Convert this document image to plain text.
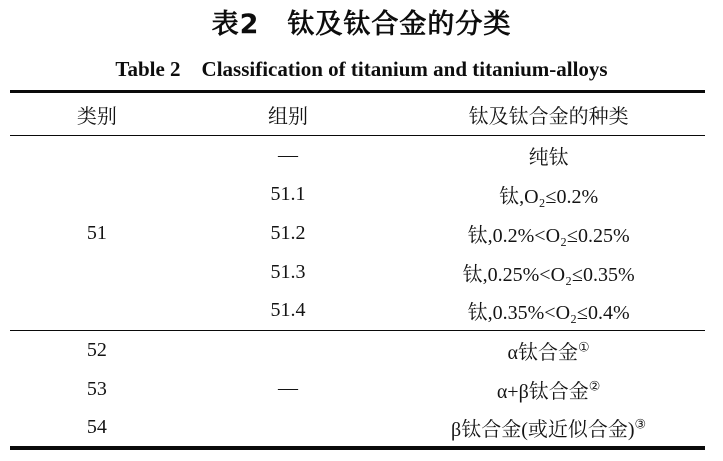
表2　钛及钛合金的分类
Table 2 Classification of titanium and titanium-alloys
类别	组别	钛及钛合金的种类
51	—	纯钛
	51.1	钛,O₂≤0.2%
	51.2	钛,0.2%<O₂≤0.25%
	51.3	钛,0.25%<O₂≤0.35%
	51.4	钛,0.35%<O₂≤0.4%
52	—	α钛合金①
53		α+β钛合金②
54		β钛合金(或近似合金)③
